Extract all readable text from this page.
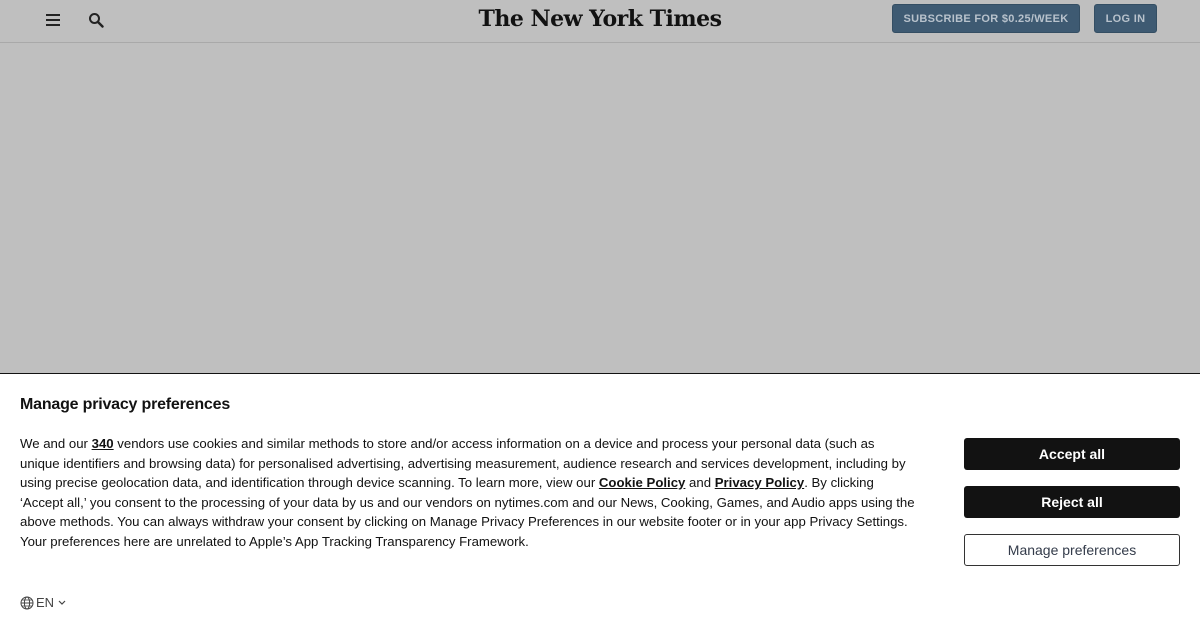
The New York Times	SUBSCRIBE FOR $0.25/WEEK	LOG IN
Manage privacy preferences
We and our 340 vendors use cookies and similar methods to store and/or access information on a device and process your personal data (such as unique identifiers and browsing data) for personalised advertising, advertising measurement, audience research and services development, including by using precise geolocation data, and identification through device scanning. To learn more, view our Cookie Policy and Privacy Policy. By clicking ‘Accept all,’ you consent to the processing of your data by us and our vendors on nytimes.com and our News, Cooking, Games, and Audio apps using the above methods. You can always withdraw your consent by clicking on Manage Privacy Preferences in our website footer or in your app Privacy Settings. Your preferences here are unrelated to Apple’s App Tracking Transparency Framework.
Accept all
Reject all
Manage preferences
EN
